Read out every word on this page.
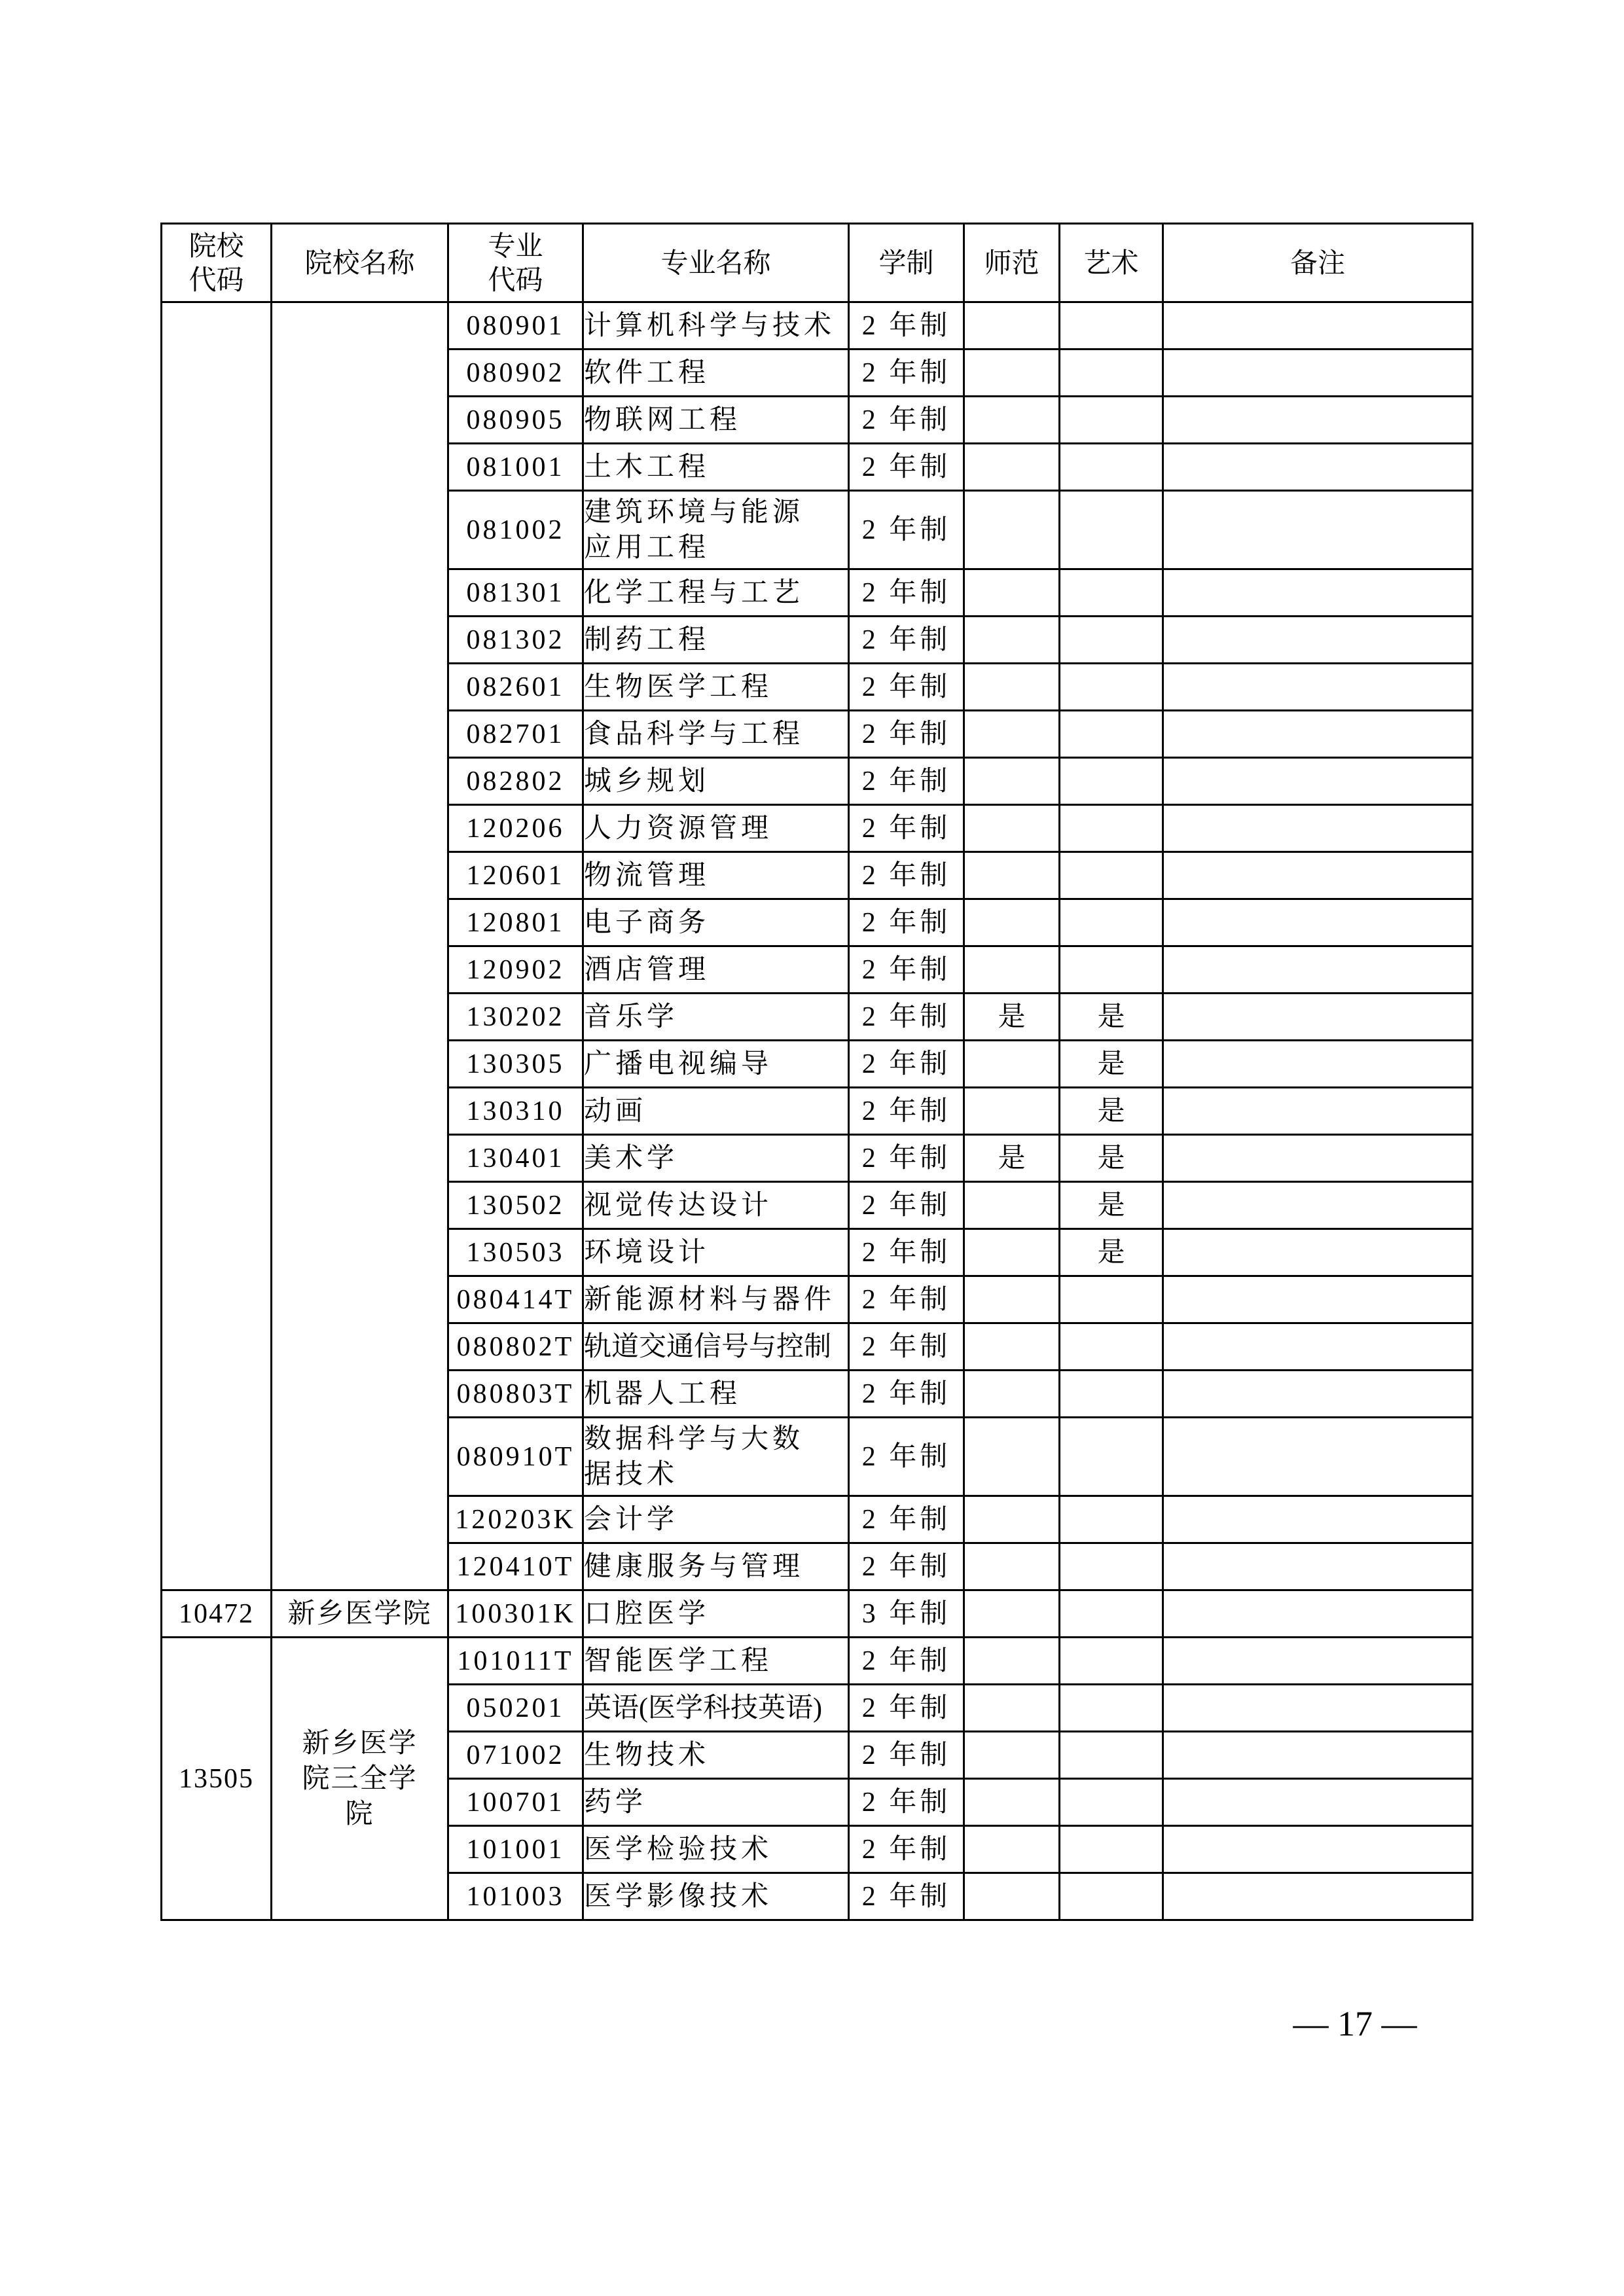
院校代码	院校名称	专业代码	专业名称	学制	师范	艺术	备注
		080901	计算机科学与技术	2 年制			
		080902	软件工程	2 年制			
		080905	物联网工程	2 年制			
		081001	土木工程	2 年制			
		081002	建筑环境与能源应用工程	2 年制			
		081301	化学工程与工艺	2 年制			
		081302	制药工程	2 年制			
		082601	生物医学工程	2 年制			
		082701	食品科学与工程	2 年制			
		082802	城乡规划	2 年制			
		120206	人力资源管理	2 年制			
		120601	物流管理	2 年制			
		120801	电子商务	2 年制			
		120902	酒店管理	2 年制			
		130202	音乐学	2 年制	是	是	
		130305	广播电视编导	2 年制		是	
		130310	动画	2 年制		是	
		130401	美术学	2 年制	是	是	
		130502	视觉传达设计	2 年制		是	
		130503	环境设计	2 年制		是	
		080414T	新能源材料与器件	2 年制			
		080802T	轨道交通信号与控制	2 年制			
		080803T	机器人工程	2 年制			
		080910T	数据科学与大数据技术	2 年制			
		120203K	会计学	2 年制			
		120410T	健康服务与管理	2 年制			
10472	新乡医学院	100301K	口腔医学	3 年制			
13505	新乡医学院三全学院	101011T	智能医学工程	2 年制			
		050201	英语(医学科技英语)	2 年制			
		071002	生物技术	2 年制			
		100701	药学	2 年制			
		101001	医学检验技术	2 年制			
		101003	医学影像技术	2 年制			
— 17 —
